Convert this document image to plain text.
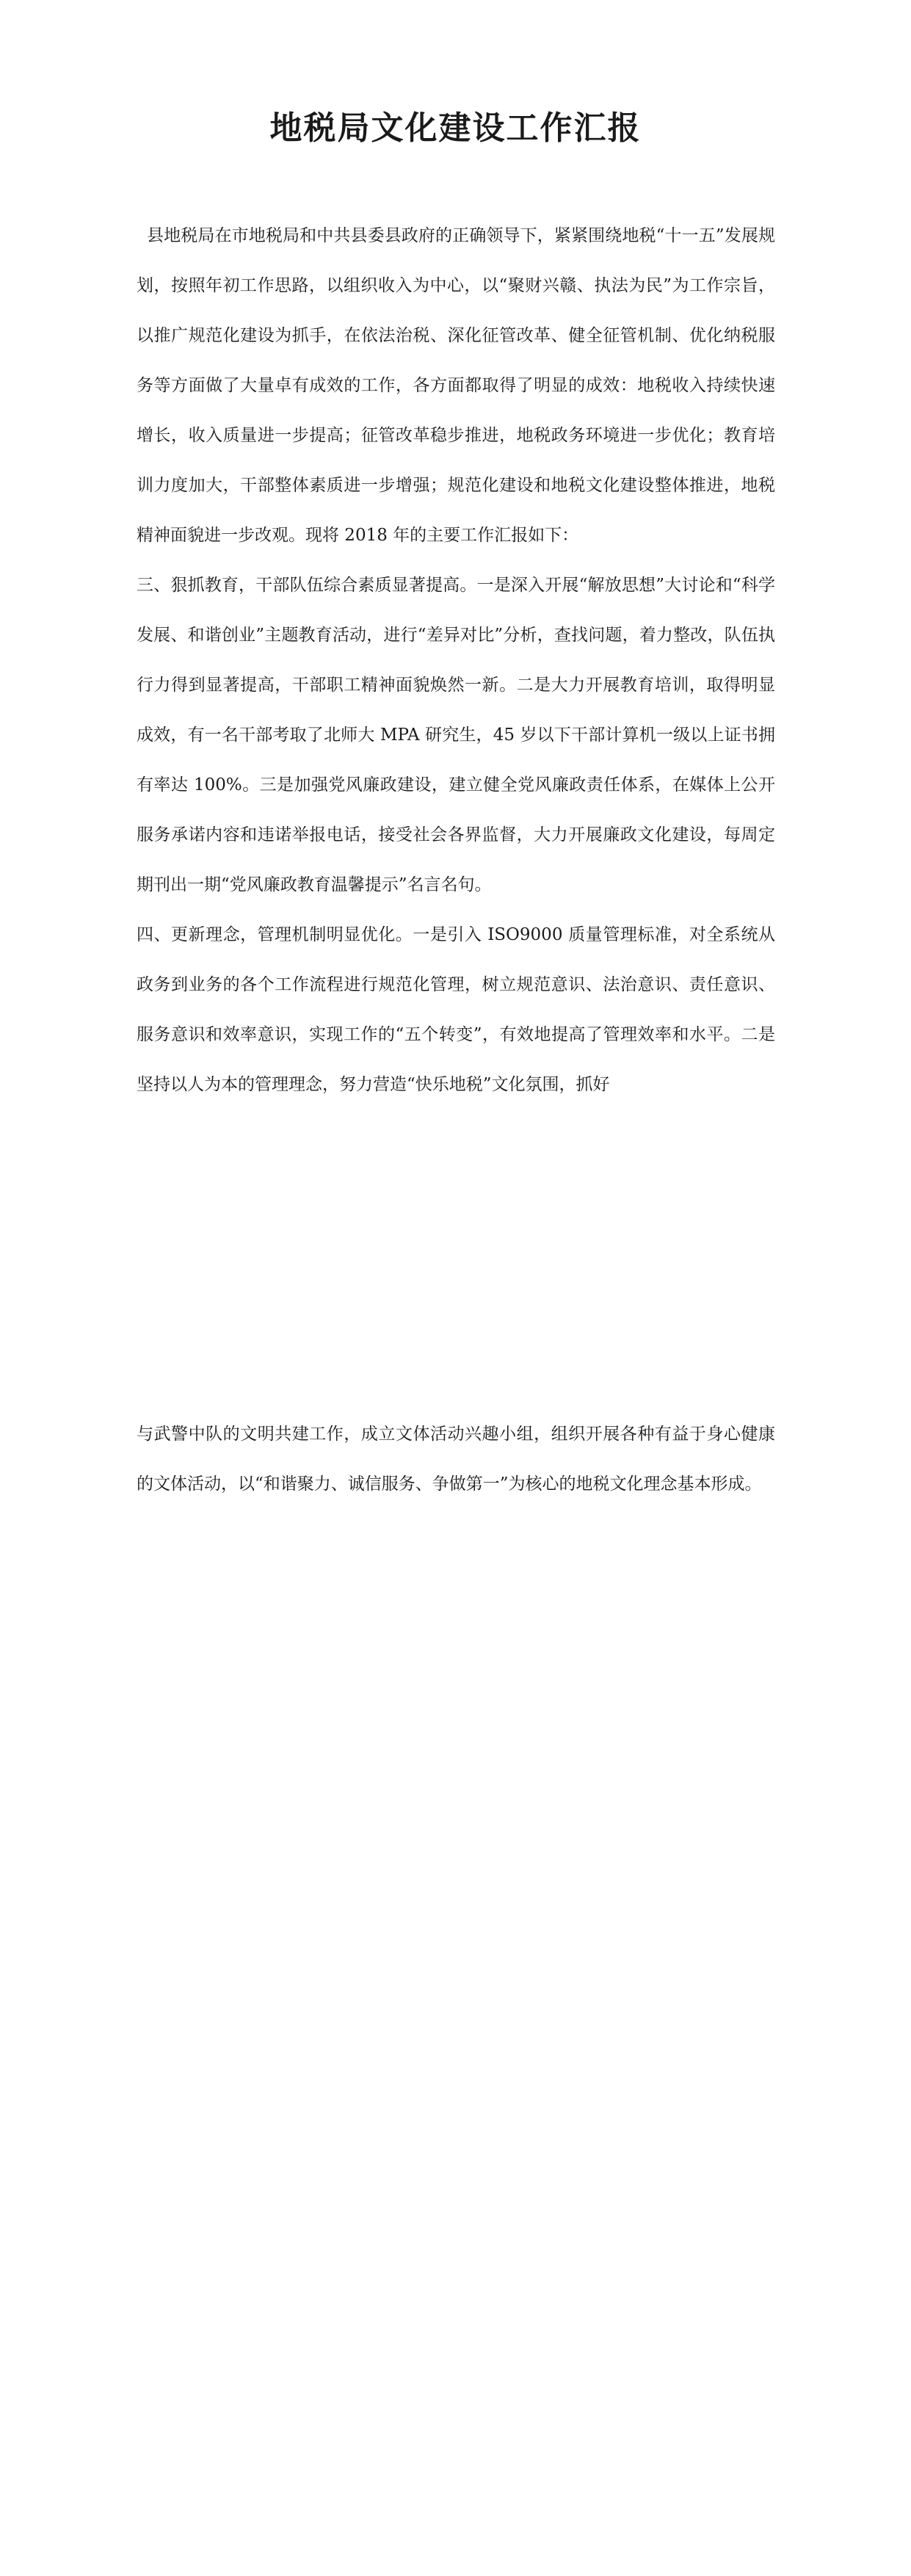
地税局文化建设工作汇报

县地税局在市地税局和中共县委县政府的正确领导下，紧紧围绕地税“十一五”发展规划，按照年初工作思路，以组织收入为中心，以“聚财兴赣、执法为民”为工作宗旨，以推广规范化建设为抓手，在依法治税、深化征管改革、健全征管机制、优化纳税服务等方面做了大量卓有成效的工作，各方面都取得了明显的成效：地税收入持续快速增长，收入质量进一步提高；征管改革稳步推进，地税政务环境进一步优化；教育培训力度加大，干部整体素质进一步增强；规范化建设和地税文化建设整体推进，地税精神面貌进一步改观。现将 2018 年的主要工作汇报如下：

三、狠抓教育，干部队伍综合素质显著提高。一是深入开展“解放思想”大讨论和“科学发展、和谐创业”主题教育活动，进行“差异对比”分析，查找问题，着力整改，队伍执行力得到显著提高，干部职工精神面貌焕然一新。二是大力开展教育培训，取得明显成效，有一名干部考取了北师大 MPA 研究生，45 岁以下干部计算机一级以上证书拥有率达 100%。三是加强党风廉政建设，建立健全党风廉政责任体系，在媒体上公开服务承诺内容和违诺举报电话，接受社会各界监督，大力开展廉政文化建设，每周定期刊出一期“党风廉政教育温馨提示”名言名句。

四、更新理念，管理机制明显优化。一是引入 ISO9000 质量管理标准，对全系统从政务到业务的各个工作流程进行规范化管理，树立规范意识、法治意识、责任意识、服务意识和效率意识，实现工作的“五个转变”，有效地提高了管理效率和水平。二是坚持以人为本的管理理念，努力营造“快乐地税”文化氛围，抓好

与武警中队的文明共建工作，成立文体活动兴趣小组，组织开展各种有益于身心健康的文体活动，以“和谐聚力、诚信服务、争做第一”为核心的地税文化理念基本形成。
